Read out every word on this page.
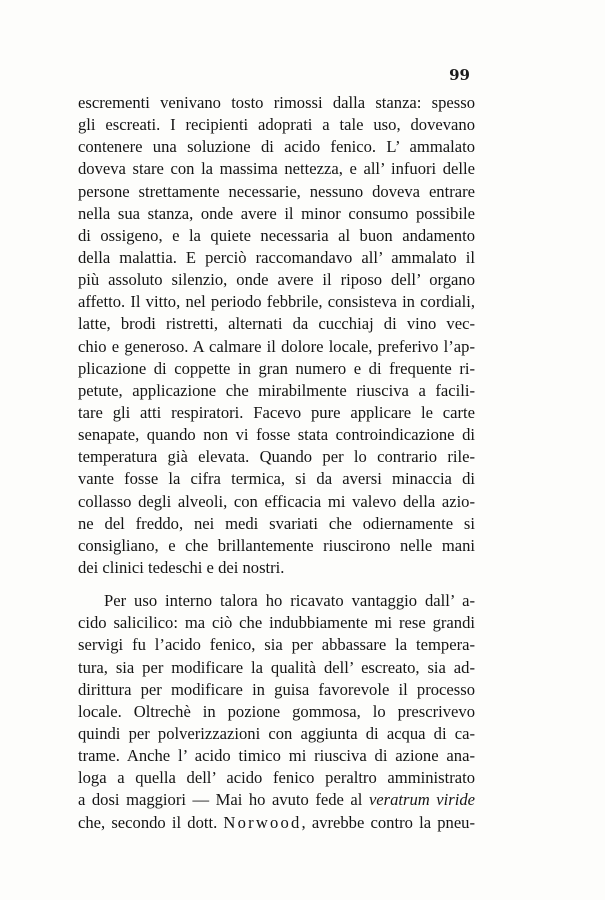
99
escrementi venivano tosto rimossi dalla stanza: spesso
gli escreati. I recipienti adoprati a tale uso, dovevano
contenere una soluzione di acido fenico. L’ ammalato
doveva stare con la massima nettezza, e all’ infuori delle
persone strettamente necessarie, nessuno doveva entrare
nella sua stanza, onde avere il minor consumo possibile
di ossigeno, e la quiete necessaria al buon andamento
della malattia. E perciò raccomandavo all’ ammalato il
più assoluto silenzio, onde avere il riposo dell’ organo
affetto. Il vitto, nel periodo febbrile, consisteva in cordiali,
latte, brodi ristretti, alternati da cucchiaj di vino vec-
chio e generoso. A calmare il dolore locale, preferivo l’ap-
plicazione di coppette in gran numero e di frequente ri-
petute, applicazione che mirabilmente riusciva a facili-
tare gli atti respiratori. Facevo pure applicare le carte
senapate, quando non vi fosse stata controindicazione di
temperatura già elevata. Quando per lo contrario rile-
vante fosse la cifra termica, si da aversi minaccia di
collasso degli alveoli, con efficacia mi valevo della azio-
ne del freddo, nei medi svariati che odiernamente si
consigliano, e che brillantemente riuscirono nelle mani
dei clinici tedeschi e dei nostri.
Per uso interno talora ho ricavato vantaggio dall’ a-
cido salicilico: ma ciò che indubbiamente mi rese grandi
servigi fu l’acido fenico, sia per abbassare la tempera-
tura, sia per modificare la qualità dell’ escreato, sia ad-
dirittura per modificare in guisa favorevole il processo
locale. Oltrechè in pozione gommosa, lo prescrivevo
quindi per polverizzazioni con aggiunta di acqua di ca-
trame. Anche l’ acido timico mi riusciva di azione ana-
loga a quella dell’ acido fenico peraltro amministrato
a dosi maggiori — Mai ho avuto fede al veratrum viride
che, secondo il dott. Norwood, avrebbe contro la pneu-
